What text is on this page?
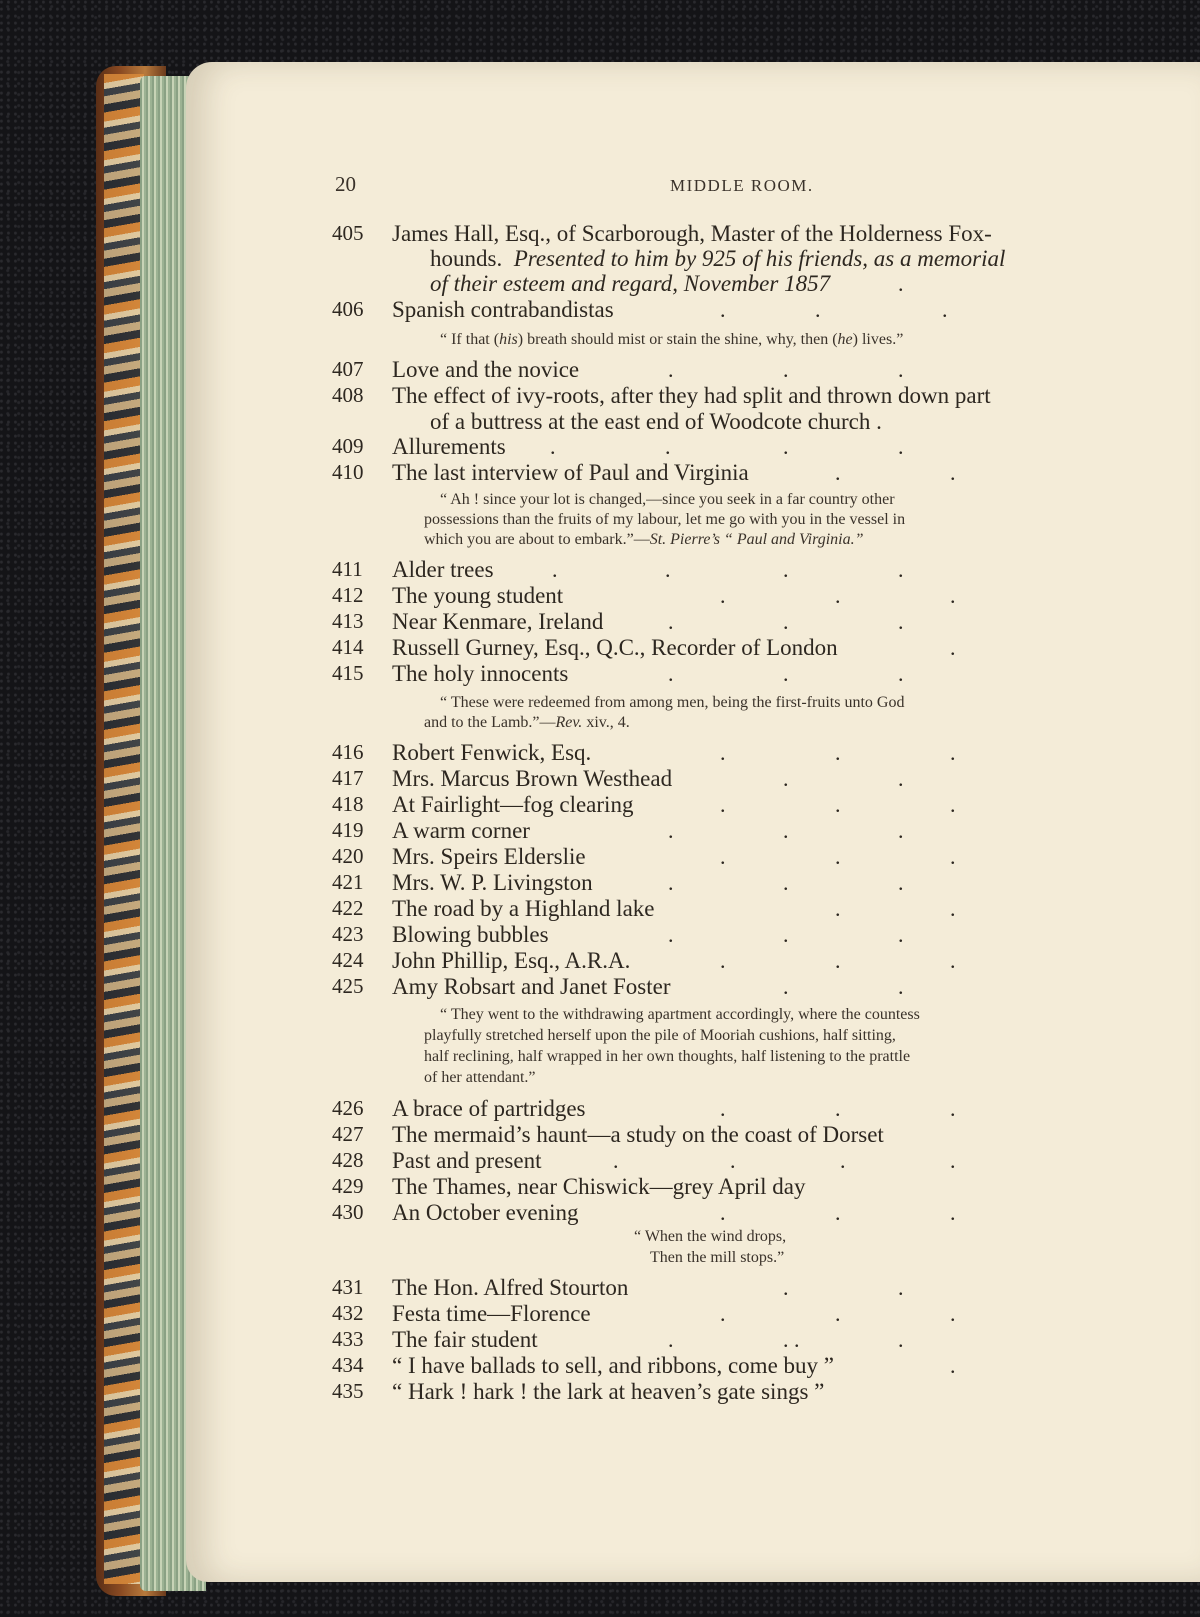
20	MIDDLE ROOM.
405 James Hall, Esq., of Scarborough, Master of the Holderness Fox-
hounds. Presented to him by 925 of his friends, as a memorial
of their esteem and regard, November 1857	.
406 Spanish contrabandistas	.	.	.
“ If that (his) breath should mist or stain the shine, why, then (he) lives.”
407 Love and the novice	.	.	.
408 The effect of ivy-roots, after they had split and thrown down part
of a buttress at the east end of Woodcote church .
409 Allurements .	.	.	.
410 The last interview of Paul and Virginia	.	.
“ Ah ! since your lot is changed,—since you seek in a far country other
possessions than the fruits of my labour, let me go with you in the vessel in
which you are about to embark.”—St. Pierre’s “ Paul and Virginia.”
411 Alder trees	.	.	.	.
412 The young student	.	.	.
413 Near Kenmare, Ireland	.	.	.
414 Russell Gurney, Esq., Q.C., Recorder of London	.
415 The holy innocents	.	.	.
“ These were redeemed from among men, being the first-fruits unto God
and to the Lamb.”—Rev. xiv., 4.
416 Robert Fenwick, Esq.	.	.	.
417 Mrs. Marcus Brown Westhead	.	.
418 At Fairlight—fog clearing	.	.	.
419 A warm corner	.	.	.
420 Mrs. Speirs Elderslie	.	.	.
421 Mrs. W. P. Livingston	.	.	.
422 The road by a Highland lake	.	.
423 Blowing bubbles	.	.	.
424 John Phillip, Esq., A.R.A.	.	.	.
425 Amy Robsart and Janet Foster	.	.
“ They went to the withdrawing apartment accordingly, where the countess
playfully stretched herself upon the pile of Mooriah cushions, half sitting,
half reclining, half wrapped in her own thoughts, half listening to the prattle
of her attendant.”
426 A brace of partridges	.	.	.
427 The mermaid’s haunt—a study on the coast of Dorset
428 Past and present	.	.	.	.
429 The Thames, near Chiswick—grey April day
430 An October evening	.	.	.
“ When the wind drops,
Then the mill stops.”
431 The Hon. Alfred Stourton	.	.
432 Festa time—Florence	.	.	.
433 The fair student	.	. .	.
434 “ I have ballads to sell, and ribbons, come buy ”	.
435 “ Hark ! hark ! the lark at heaven’s gate sings ”
